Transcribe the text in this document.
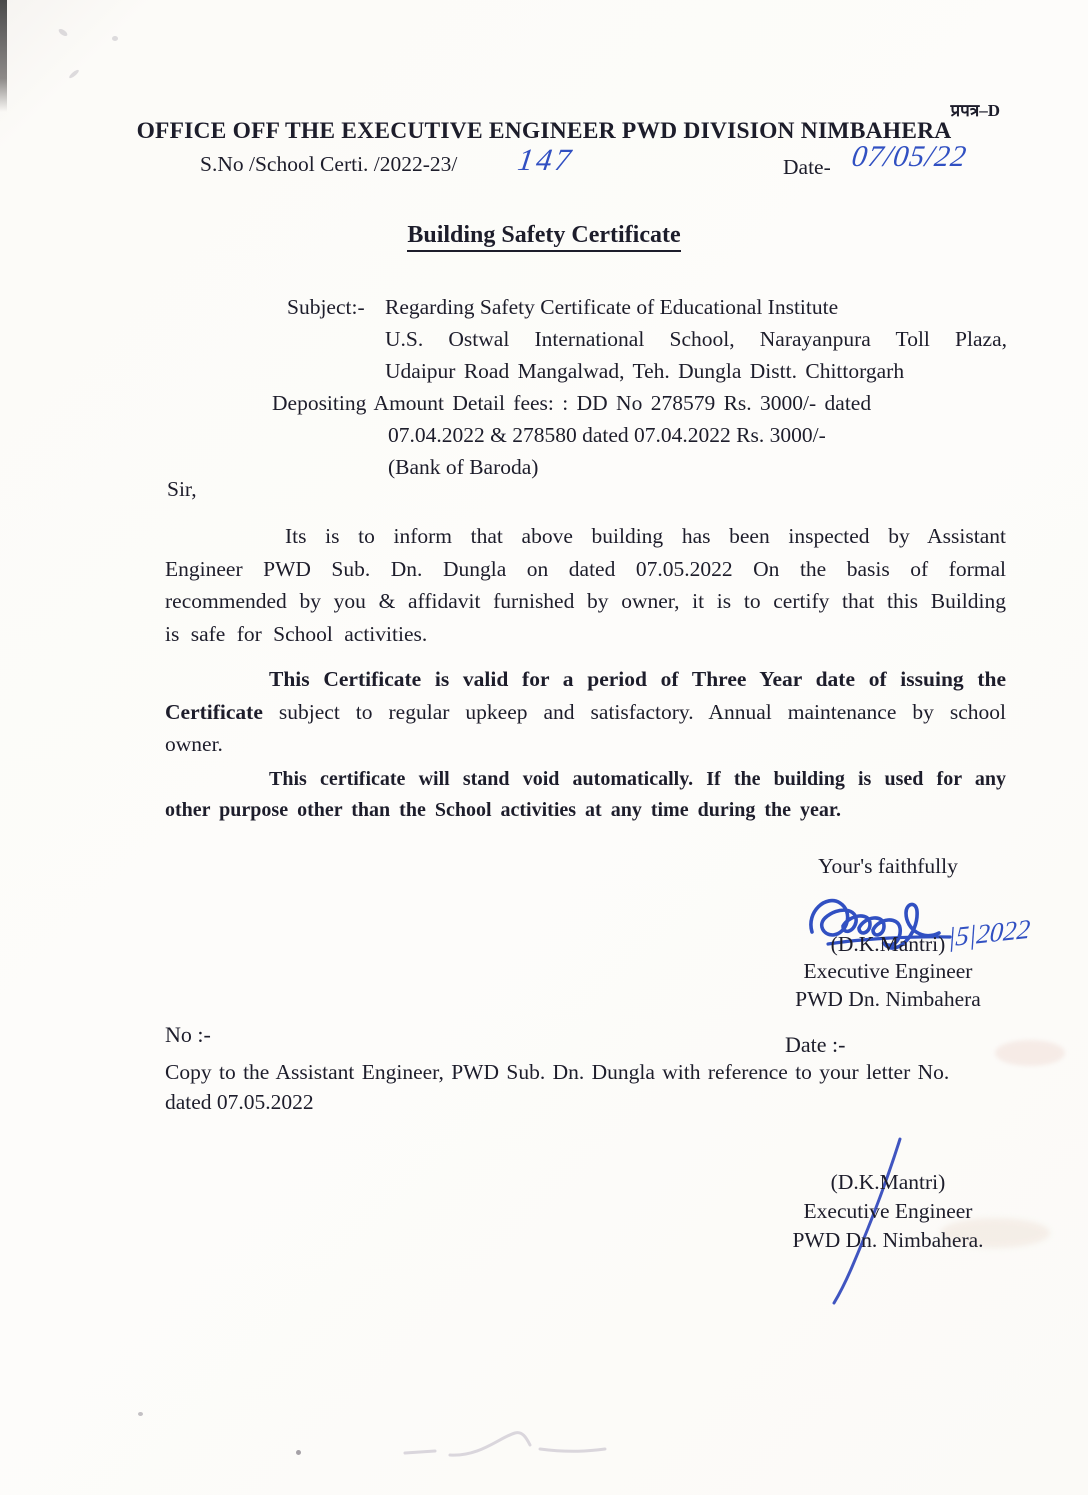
प्रपत्र–D
OFFICE OFF THE EXECUTIVE ENGINEER PWD DIVISION NIMBAHERA
S.No /School Certi. /2022-23/ 147	Date- 07/05/22
Building Safety Certificate
Subject:- Regarding Safety Certificate of Educational Institute
U.S. Ostwal International School, Narayanpura Toll Plaza,
Udaipur Road Mangalwad, Teh. Dungla Distt. Chittorgarh
Depositing Amount Detail fees: : DD No 278579 Rs. 3000/- dated
07.04.2022 & 278580 dated 07.04.2022 Rs. 3000/-
(Bank of Baroda)
Sir,
Its is to inform that above building has been inspected by Assistant Engineer PWD Sub. Dn. Dungla on dated 07.05.2022 On the basis of formal recommended by you & affidavit furnished by owner, it is to certify that this Building is safe for School activities.
This Certificate is valid for a period of Three Year date of issuing the Certificate subject to regular upkeep and satisfactory. Annual maintenance by school owner.
This certificate will stand void automatically. If the building is used for any other purpose other than the School activities at any time during the year.
Your's faithfully
|5|2022
(D.K.Mantri)
Executive Engineer
PWD Dn. Nimbahera
No :-	Date :-
Copy to the Assistant Engineer, PWD Sub. Dn. Dungla with reference to your letter No.
dated 07.05.2022
(D.K.Mantri)
Executive Engineer
PWD Dn. Nimbahera.
